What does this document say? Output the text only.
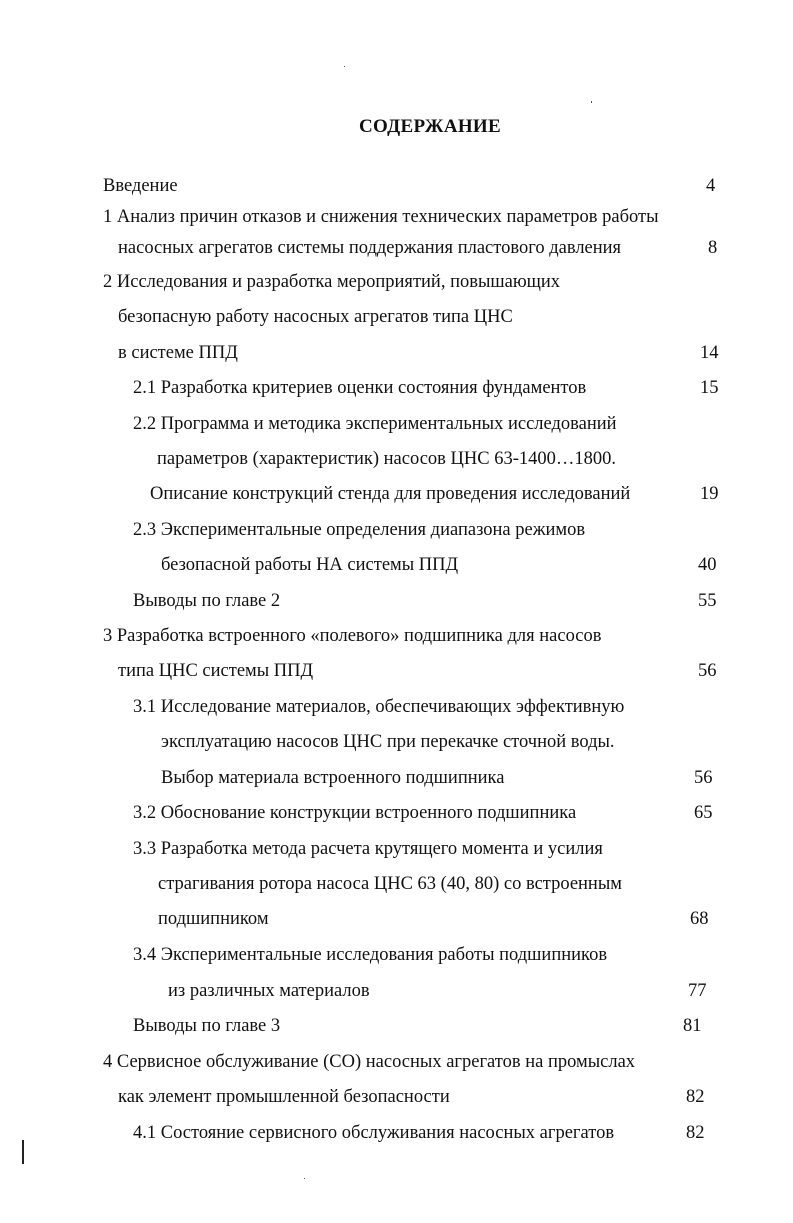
СОДЕРЖАНИЕ
Введение	4
1 Анализ причин отказов и снижения технических параметров работы
насосных агрегатов системы поддержания пластового давления	8
2 Исследования и разработка мероприятий, повышающих
безопасную работу насосных агрегатов типа ЦНС
в системе ППД	14
2.1 Разработка критериев оценки состояния фундаментов	15
2.2 Программа и методика экспериментальных исследований
параметров (характеристик) насосов ЦНС 63-1400…1800.
Описание конструкций стенда для проведения исследований	19
2.3 Экспериментальные определения диапазона режимов
безопасной работы НА системы ППД	40
Выводы по главе 2	55
3 Разработка встроенного «полевого» подшипника для насосов
типа ЦНС системы ППД	56
3.1 Исследование материалов, обеспечивающих эффективную
эксплуатацию насосов ЦНС при перекачке сточной воды.
Выбор материала встроенного подшипника	56
3.2 Обоснование конструкции встроенного подшипника	65
3.3 Разработка метода расчета крутящего момента и усилия
страгивания ротора насоса ЦНС 63 (40, 80) со встроенным
подшипником	68
3.4 Экспериментальные исследования работы подшипников
из различных материалов	77
Выводы по главе 3	81
4 Сервисное обслуживание (СО) насосных агрегатов на промыслах
как элемент промышленной безопасности	82
4.1 Состояние сервисного обслуживания насосных агрегатов	82
